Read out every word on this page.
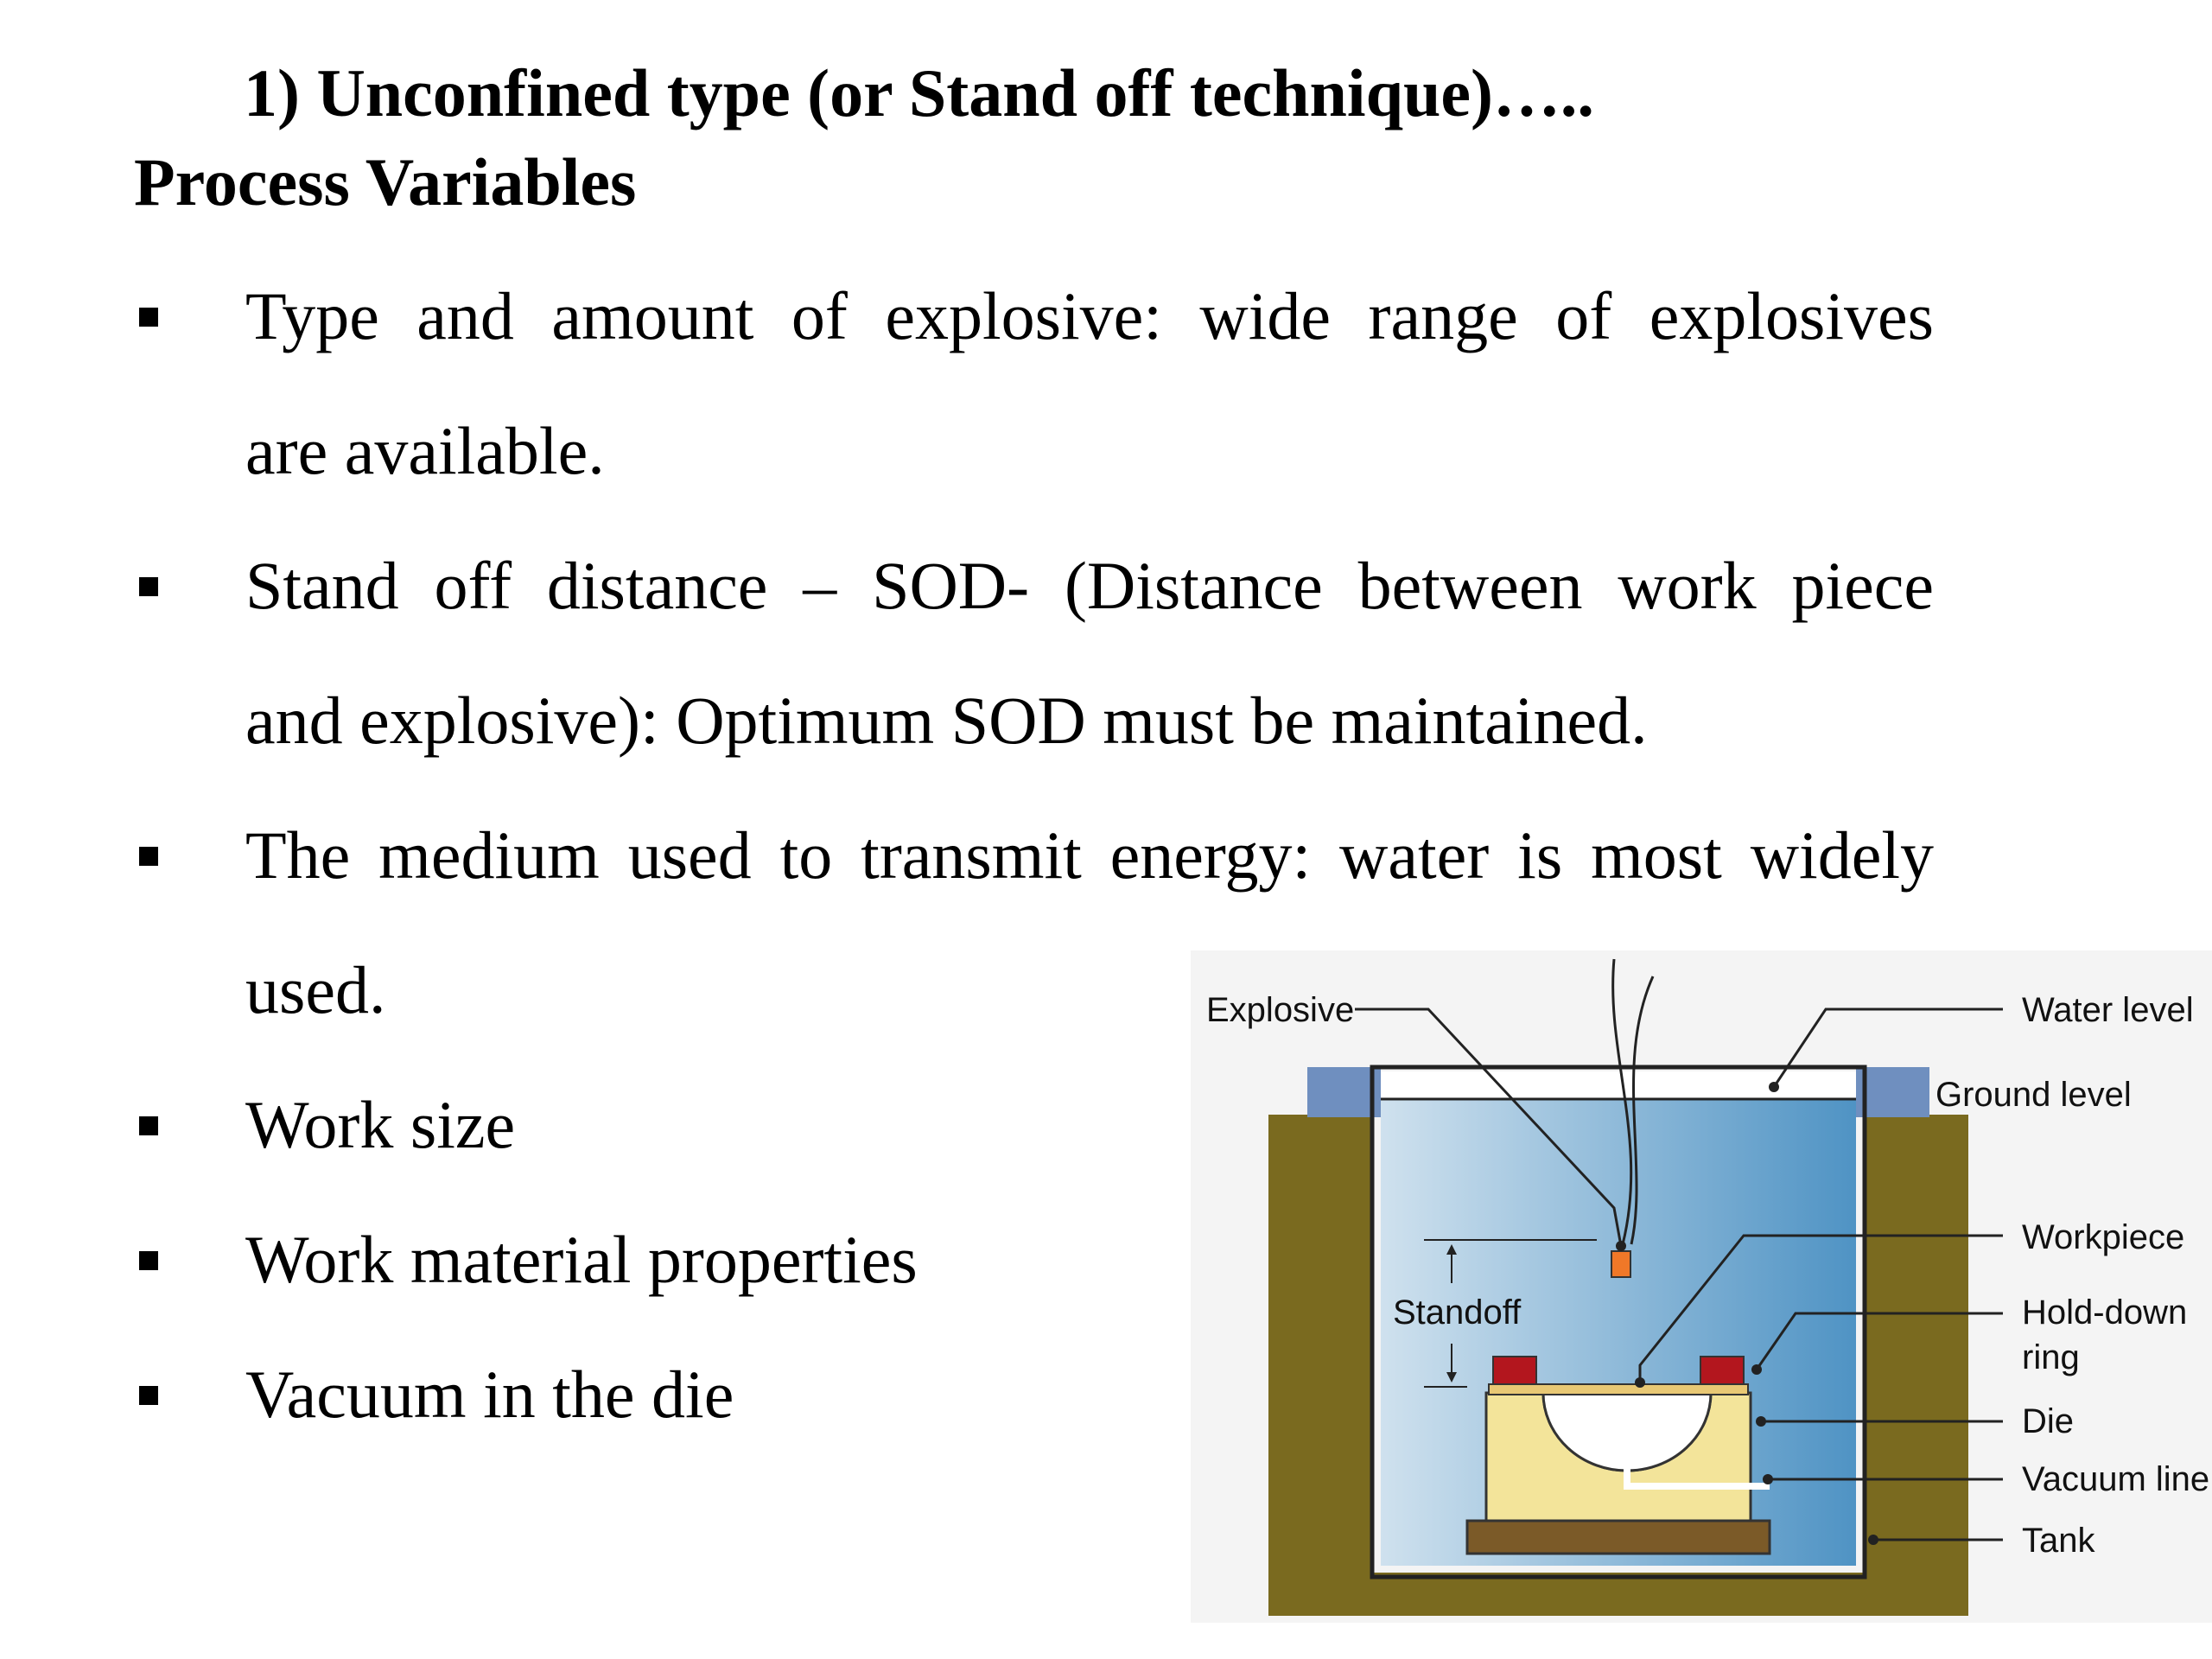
1) Unconfined type (or Stand off technique)…..
Process Variables
Type and amount of explosive: wide range of explosives
are available.
Stand off distance – SOD- (Distance between work piece
and explosive): Optimum SOD must be maintained.
The medium used to transmit energy: water is most widely
used.
Work size
Work material properties
Vacuum in the die
Standoff
Explosive	Water level
Ground level
Workpiece
Hold-down
ring
Die
Vacuum line
Tank
